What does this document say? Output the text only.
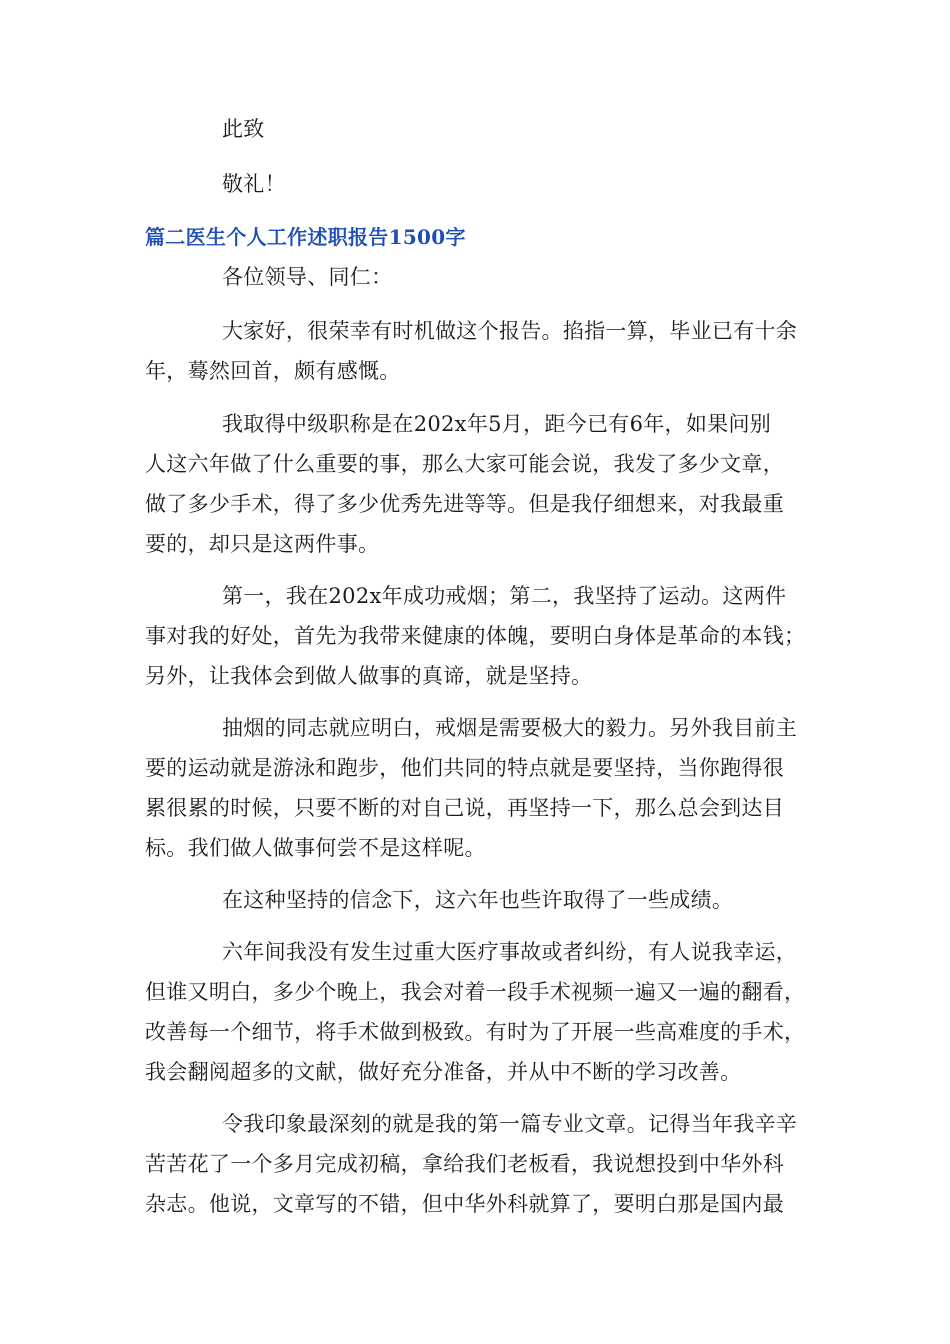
此致
敬礼！
篇二医生个人工作述职报告1500字
各位领导、同仁：
大家好，很荣幸有时机做这个报告。掐指一算，毕业已有十余
年，蓦然回首，颇有感慨。
我取得中级职称是在202x年5月，距今已有6年，如果问别
人这六年做了什么重要的事，那么大家可能会说，我发了多少文章，
做了多少手术，得了多少优秀先进等等。但是我仔细想来，对我最重
要的，却只是这两件事。
第一，我在202x年成功戒烟；第二，我坚持了运动。这两件
事对我的好处，首先为我带来健康的体魄，要明白身体是革命的本钱；
另外，让我体会到做人做事的真谛，就是坚持。
抽烟的同志就应明白，戒烟是需要极大的毅力。另外我目前主
要的运动就是游泳和跑步，他们共同的特点就是要坚持，当你跑得很
累很累的时候，只要不断的对自己说，再坚持一下，那么总会到达目
标。我们做人做事何尝不是这样呢。
在这种坚持的信念下，这六年也些许取得了一些成绩。
六年间我没有发生过重大医疗事故或者纠纷，有人说我幸运，
但谁又明白，多少个晚上，我会对着一段手术视频一遍又一遍的翻看，
改善每一个细节，将手术做到极致。有时为了开展一些高难度的手术，
我会翻阅超多的文献，做好充分准备，并从中不断的学习改善。
令我印象最深刻的就是我的第一篇专业文章。记得当年我辛辛
苦苦花了一个多月完成初稿，拿给我们老板看，我说想投到中华外科
杂志。他说，文章写的不错，但中华外科就算了，要明白那是国内最
